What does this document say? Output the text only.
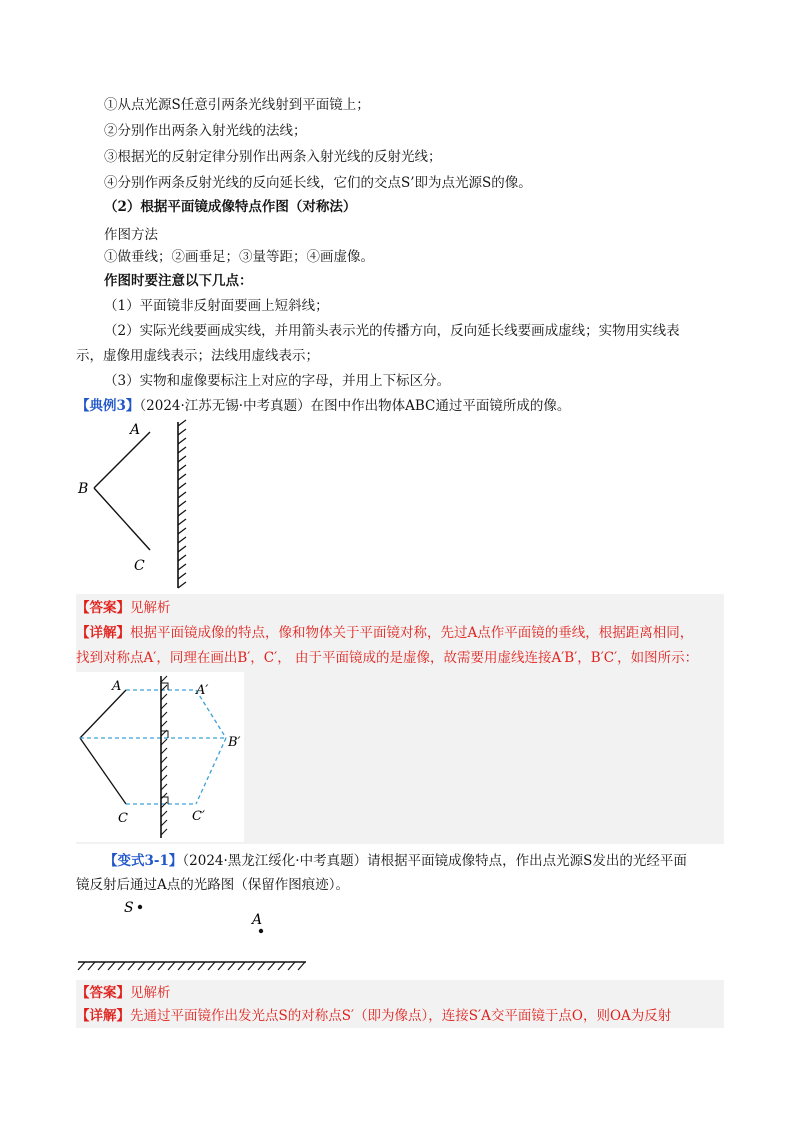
①从点光源S任意引两条光线射到平面镜上；
②分别作出两条入射光线的法线；
③根据光的反射定律分别作出两条入射光线的反射光线；
④分别作两条反射光线的反向延长线，它们的交点S’即为点光源S的像。
（2）根据平面镜成像特点作图（对称法）
作图方法
①做垂线；②画垂足；③量等距；④画虚像。
作图时要注意以下几点：
（1）平面镜非反射面要画上短斜线；
（2）实际光线要画成实线，并用箭头表示光的传播方向，反向延长线要画成虚线；实物用实线表
示，虚像用虚线表示；法线用虚线表示；
（3）实物和虚像要标注上对应的字母，并用上下标区分。
【典例3】（2024·江苏无锡·中考真题）在图中作出物体ABC通过平面镜所成的像。
A
B
C
【答案】见解析
【详解】根据平面镜成像的特点，像和物体关于平面镜对称，先过A点作平面镜的垂线，根据距离相同，
找到对称点A′，同理在画出B′，C′， 由于平面镜成的是虚像，故需要用虚线连接A′B′，B′C′，如图所示：
A
C
A′
B′
C′
【变式3-1】（2024·黑龙江绥化·中考真题）请根据平面镜成像特点，作出点光源S发出的光经平面
镜反射后通过A点的光路图（保留作图痕迹）。
S
A
【答案】见解析
【详解】先通过平面镜作出发光点S的对称点S′（即为像点），连接S′A交平面镜于点O，则OA为反射
